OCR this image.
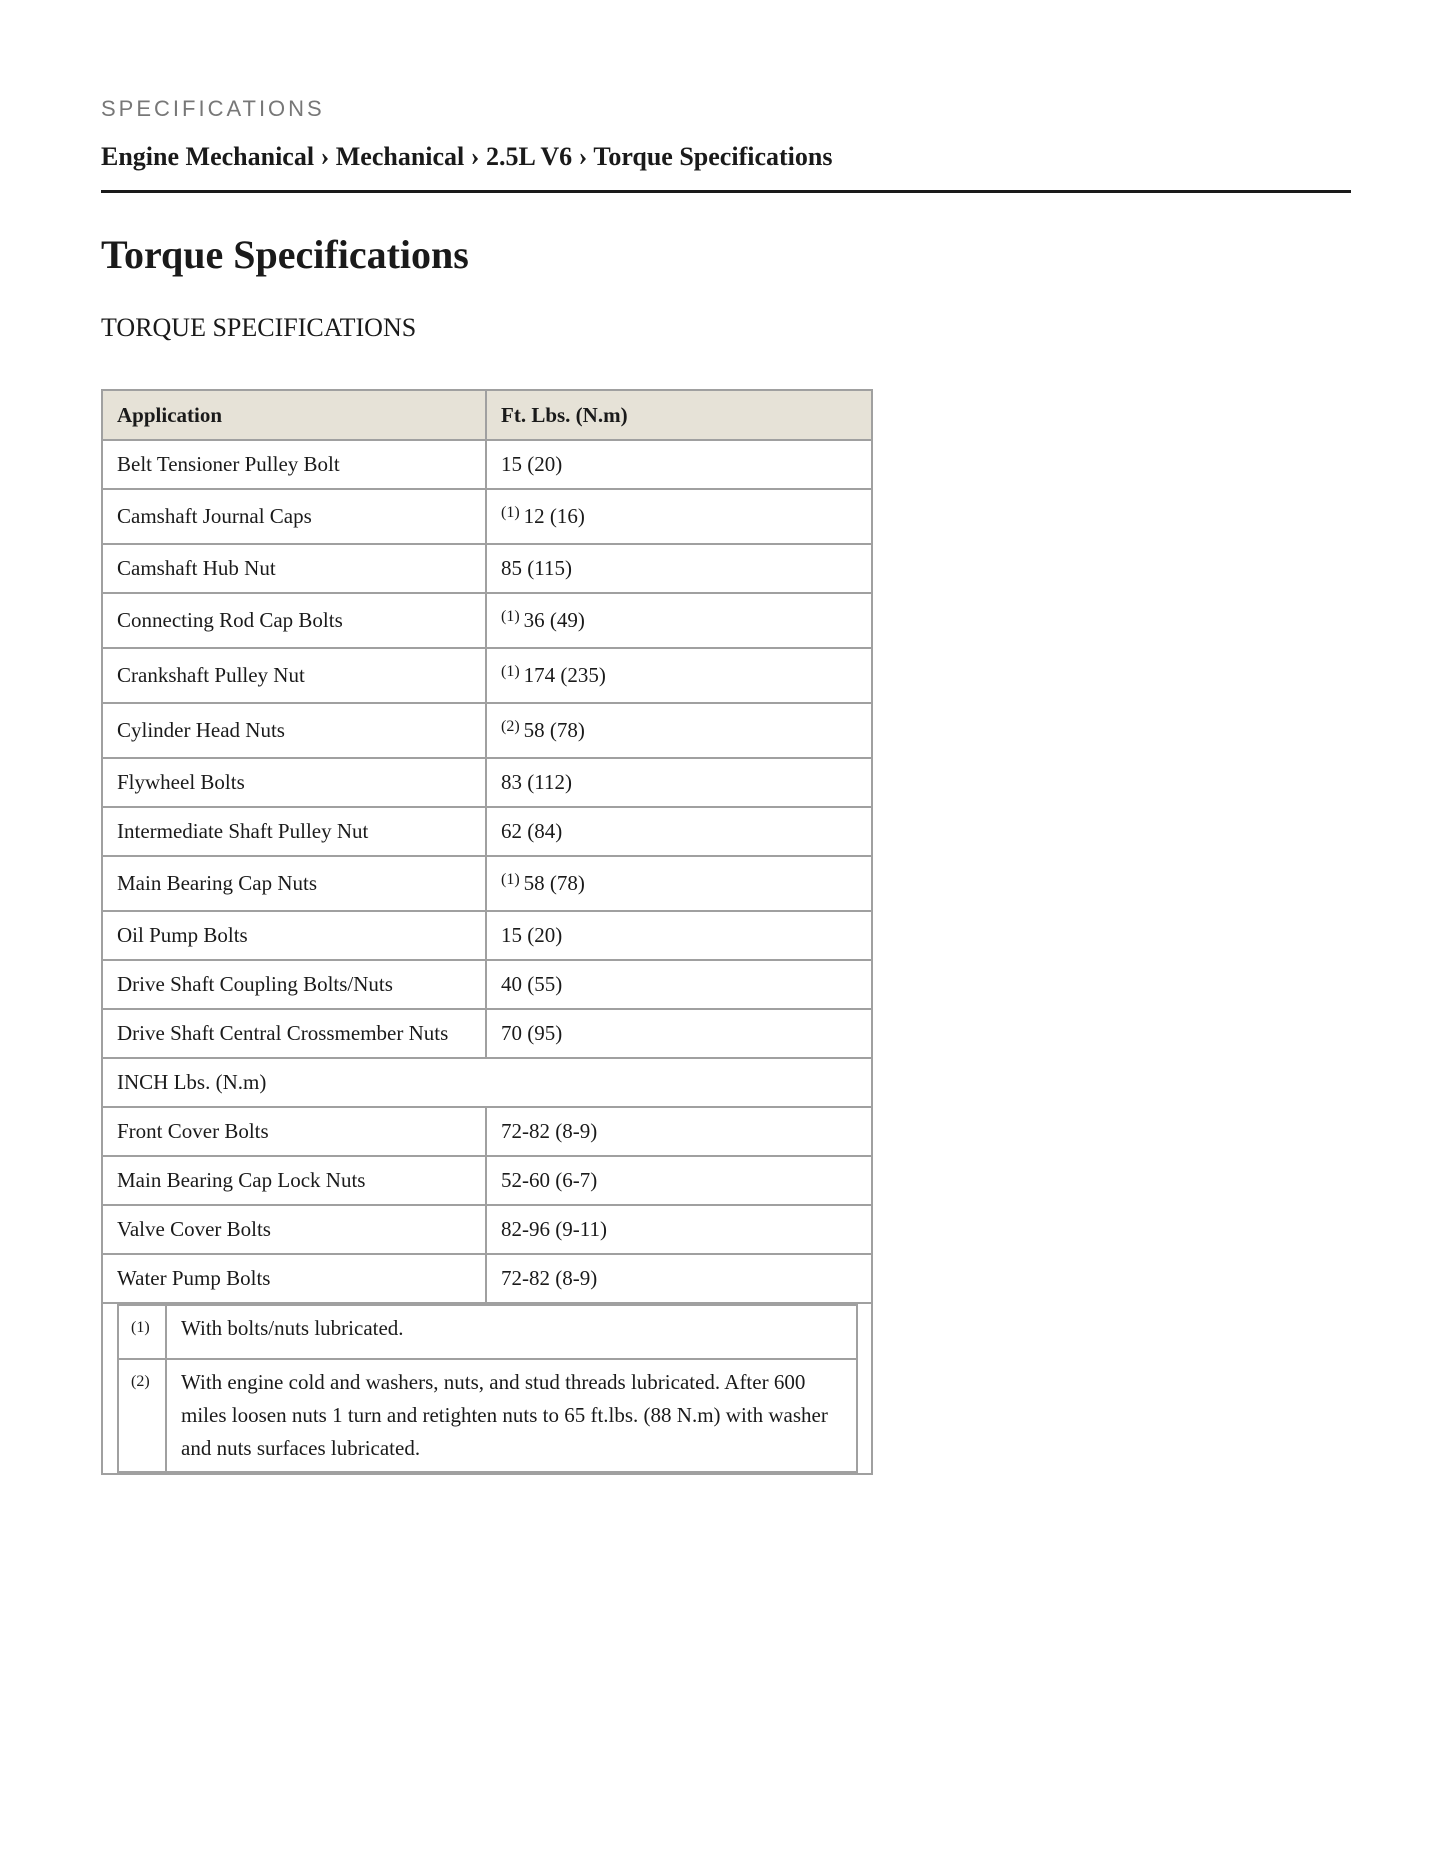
SPECIFICATIONS
Engine Mechanical › Mechanical › 2.5L V6 › Torque Specifications
Torque Specifications
TORQUE SPECIFICATIONS
Application	Ft. Lbs. (N.m)
Belt Tensioner Pulley Bolt	15 (20)
Camshaft Journal Caps	$^{(1)}$ 12 (16)
Camshaft Hub Nut	85 (115)
Connecting Rod Cap Bolts	$^{(1)}$ 36 (49)
Crankshaft Pulley Nut	$^{(1)}$ 174 (235)
Cylinder Head Nuts	$^{(2)}$ 58 (78)
Flywheel Bolts	83 (112)
Intermediate Shaft Pulley Nut	62 (84)
Main Bearing Cap Nuts	$^{(1)}$ 58 (78)
Oil Pump Bolts	15 (20)
Drive Shaft Coupling Bolts/Nuts	40 (55)
Drive Shaft Central Crossmember Nuts	70 (95)
INCH Lbs. (N.m)
Front Cover Bolts	72-82 (8-9)
Main Bearing Cap Lock Nuts	52-60 (6-7)
Valve Cover Bolts	82-96 (9-11)
Water Pump Bolts	72-82 (8-9)

(1)	With bolts/nuts lubricated.
(2)	With engine cold and washers, nuts, and stud threads lubricated. After 600 miles loosen nuts 1 turn and retighten nuts to 65 ft.lbs. (88 N.m) with washer and nuts surfaces lubricated.
